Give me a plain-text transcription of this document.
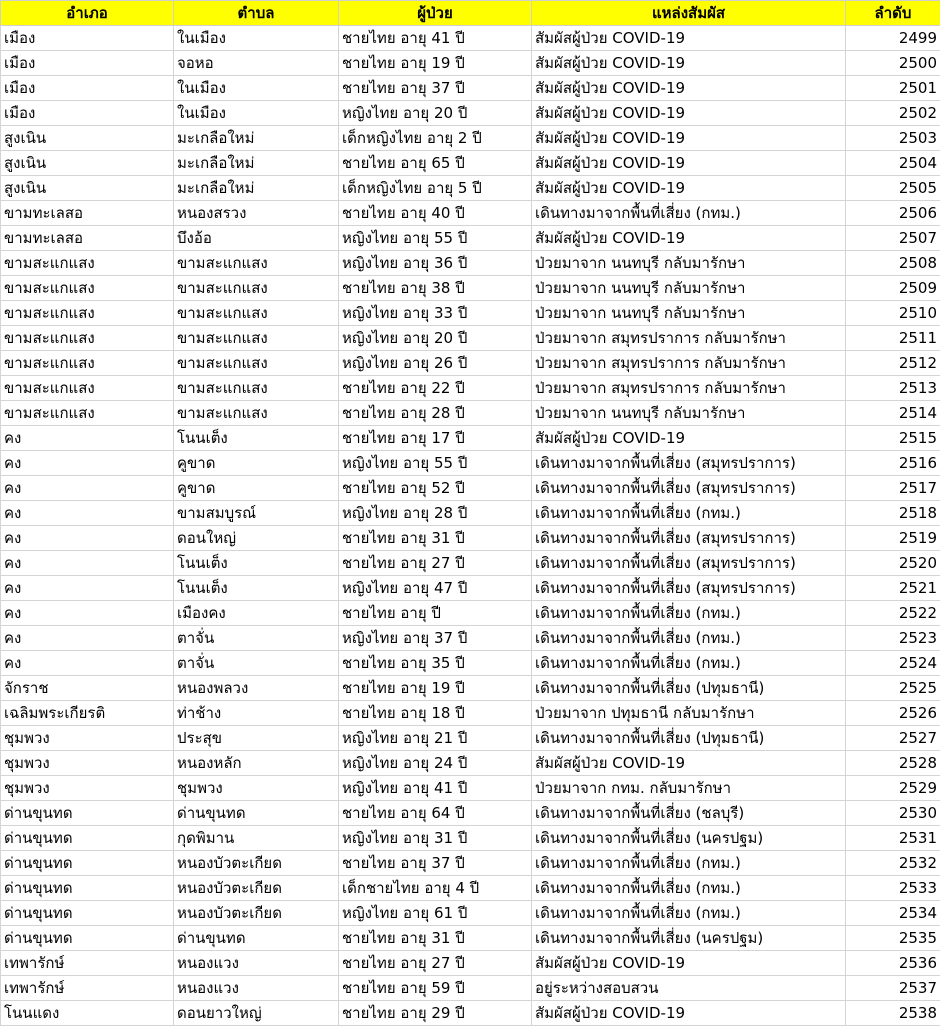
อำเภอ	ตำบล	ผู้ป่วย	แหล่งสัมผัส	ลำดับ
เมือง	ในเมือง	ชายไทย อายุ 41 ปี	สัมผัสผู้ป่วย COVID-19	2499
เมือง	จอหอ	ชายไทย อายุ 19 ปี	สัมผัสผู้ป่วย COVID-19	2500
เมือง	ในเมือง	ชายไทย อายุ 37 ปี	สัมผัสผู้ป่วย COVID-19	2501
เมือง	ในเมือง	หญิงไทย อายุ 20 ปี	สัมผัสผู้ป่วย COVID-19	2502
สูงเนิน	มะเกลือใหม่	เด็กหญิงไทย อายุ 2 ปี	สัมผัสผู้ป่วย COVID-19	2503
สูงเนิน	มะเกลือใหม่	ชายไทย อายุ 65 ปี	สัมผัสผู้ป่วย COVID-19	2504
สูงเนิน	มะเกลือใหม่	เด็กหญิงไทย อายุ 5 ปี	สัมผัสผู้ป่วย COVID-19	2505
ขามทะเลสอ	หนองสรวง	ชายไทย อายุ 40 ปี	เดินทางมาจากพื้นที่เสี่ยง (กทม.)	2506
ขามทะเลสอ	บึงอ้อ	หญิงไทย อายุ 55 ปี	สัมผัสผู้ป่วย COVID-19	2507
ขามสะแกแสง	ขามสะแกแสง	หญิงไทย อายุ 36 ปี	ป่วยมาจาก นนทบุรี กลับมารักษา	2508
ขามสะแกแสง	ขามสะแกแสง	ชายไทย อายุ 38 ปี	ป่วยมาจาก นนทบุรี กลับมารักษา	2509
ขามสะแกแสง	ขามสะแกแสง	หญิงไทย อายุ 33 ปี	ป่วยมาจาก นนทบุรี กลับมารักษา	2510
ขามสะแกแสง	ขามสะแกแสง	หญิงไทย อายุ 20 ปี	ป่วยมาจาก สมุทรปราการ กลับมารักษา	2511
ขามสะแกแสง	ขามสะแกแสง	หญิงไทย อายุ 26 ปี	ป่วยมาจาก สมุทรปราการ กลับมารักษา	2512
ขามสะแกแสง	ขามสะแกแสง	ชายไทย อายุ 22 ปี	ป่วยมาจาก สมุทรปราการ กลับมารักษา	2513
ขามสะแกแสง	ขามสะแกแสง	ชายไทย อายุ 28 ปี	ป่วยมาจาก นนทบุรี กลับมารักษา	2514
คง	โนนเต็ง	ชายไทย อายุ 17 ปี	สัมผัสผู้ป่วย COVID-19	2515
คง	คูขาด	หญิงไทย อายุ 55 ปี	เดินทางมาจากพื้นที่เสี่ยง (สมุทรปราการ)	2516
คง	คูขาด	ชายไทย อายุ 52 ปี	เดินทางมาจากพื้นที่เสี่ยง (สมุทรปราการ)	2517
คง	ขามสมบูรณ์	หญิงไทย อายุ 28 ปี	เดินทางมาจากพื้นที่เสี่ยง (กทม.)	2518
คง	ดอนใหญ่	ชายไทย อายุ 31 ปี	เดินทางมาจากพื้นที่เสี่ยง (สมุทรปราการ)	2519
คง	โนนเต็ง	ชายไทย อายุ 27 ปี	เดินทางมาจากพื้นที่เสี่ยง (สมุทรปราการ)	2520
คง	โนนเต็ง	หญิงไทย อายุ 47 ปี	เดินทางมาจากพื้นที่เสี่ยง (สมุทรปราการ)	2521
คง	เมืองคง	ชายไทย อายุ ปี	เดินทางมาจากพื้นที่เสี่ยง (กทม.)	2522
คง	ตาจั่น	หญิงไทย อายุ 37 ปี	เดินทางมาจากพื้นที่เสี่ยง (กทม.)	2523
คง	ตาจั่น	ชายไทย อายุ 35 ปี	เดินทางมาจากพื้นที่เสี่ยง (กทม.)	2524
จักราช	หนองพลวง	ชายไทย อายุ 19 ปี	เดินทางมาจากพื้นที่เสี่ยง (ปทุมธานี)	2525
เฉลิมพระเกียรติ	ท่าช้าง	ชายไทย อายุ 18 ปี	ป่วยมาจาก ปทุมธานี กลับมารักษา	2526
ชุมพวง	ประสุข	หญิงไทย อายุ 21 ปี	เดินทางมาจากพื้นที่เสี่ยง (ปทุมธานี)	2527
ชุมพวง	หนองหลัก	หญิงไทย อายุ 24 ปี	สัมผัสผู้ป่วย COVID-19	2528
ชุมพวง	ชุมพวง	หญิงไทย อายุ 41 ปี	ป่วยมาจาก กทม. กลับมารักษา	2529
ด่านขุนทด	ด่านขุนทด	ชายไทย อายุ 64 ปี	เดินทางมาจากพื้นที่เสี่ยง (ชลบุรี)	2530
ด่านขุนทด	กุดพิมาน	หญิงไทย อายุ 31 ปี	เดินทางมาจากพื้นที่เสี่ยง (นครปฐม)	2531
ด่านขุนทด	หนองบัวตะเกียด	ชายไทย อายุ 37 ปี	เดินทางมาจากพื้นที่เสี่ยง (กทม.)	2532
ด่านขุนทด	หนองบัวตะเกียด	เด็กชายไทย อายุ 4 ปี	เดินทางมาจากพื้นที่เสี่ยง (กทม.)	2533
ด่านขุนทด	หนองบัวตะเกียด	หญิงไทย อายุ 61 ปี	เดินทางมาจากพื้นที่เสี่ยง (กทม.)	2534
ด่านขุนทด	ด่านขุนทด	ชายไทย อายุ 31 ปี	เดินทางมาจากพื้นที่เสี่ยง (นครปฐม)	2535
เทพารักษ์	หนองแวง	ชายไทย อายุ 27 ปี	สัมผัสผู้ป่วย COVID-19	2536
เทพารักษ์	หนองแวง	ชายไทย อายุ 59 ปี	อยู่ระหว่างสอบสวน	2537
โนนแดง	ดอนยาวใหญ่	ชายไทย อายุ 29 ปี	สัมผัสผู้ป่วย COVID-19	2538
